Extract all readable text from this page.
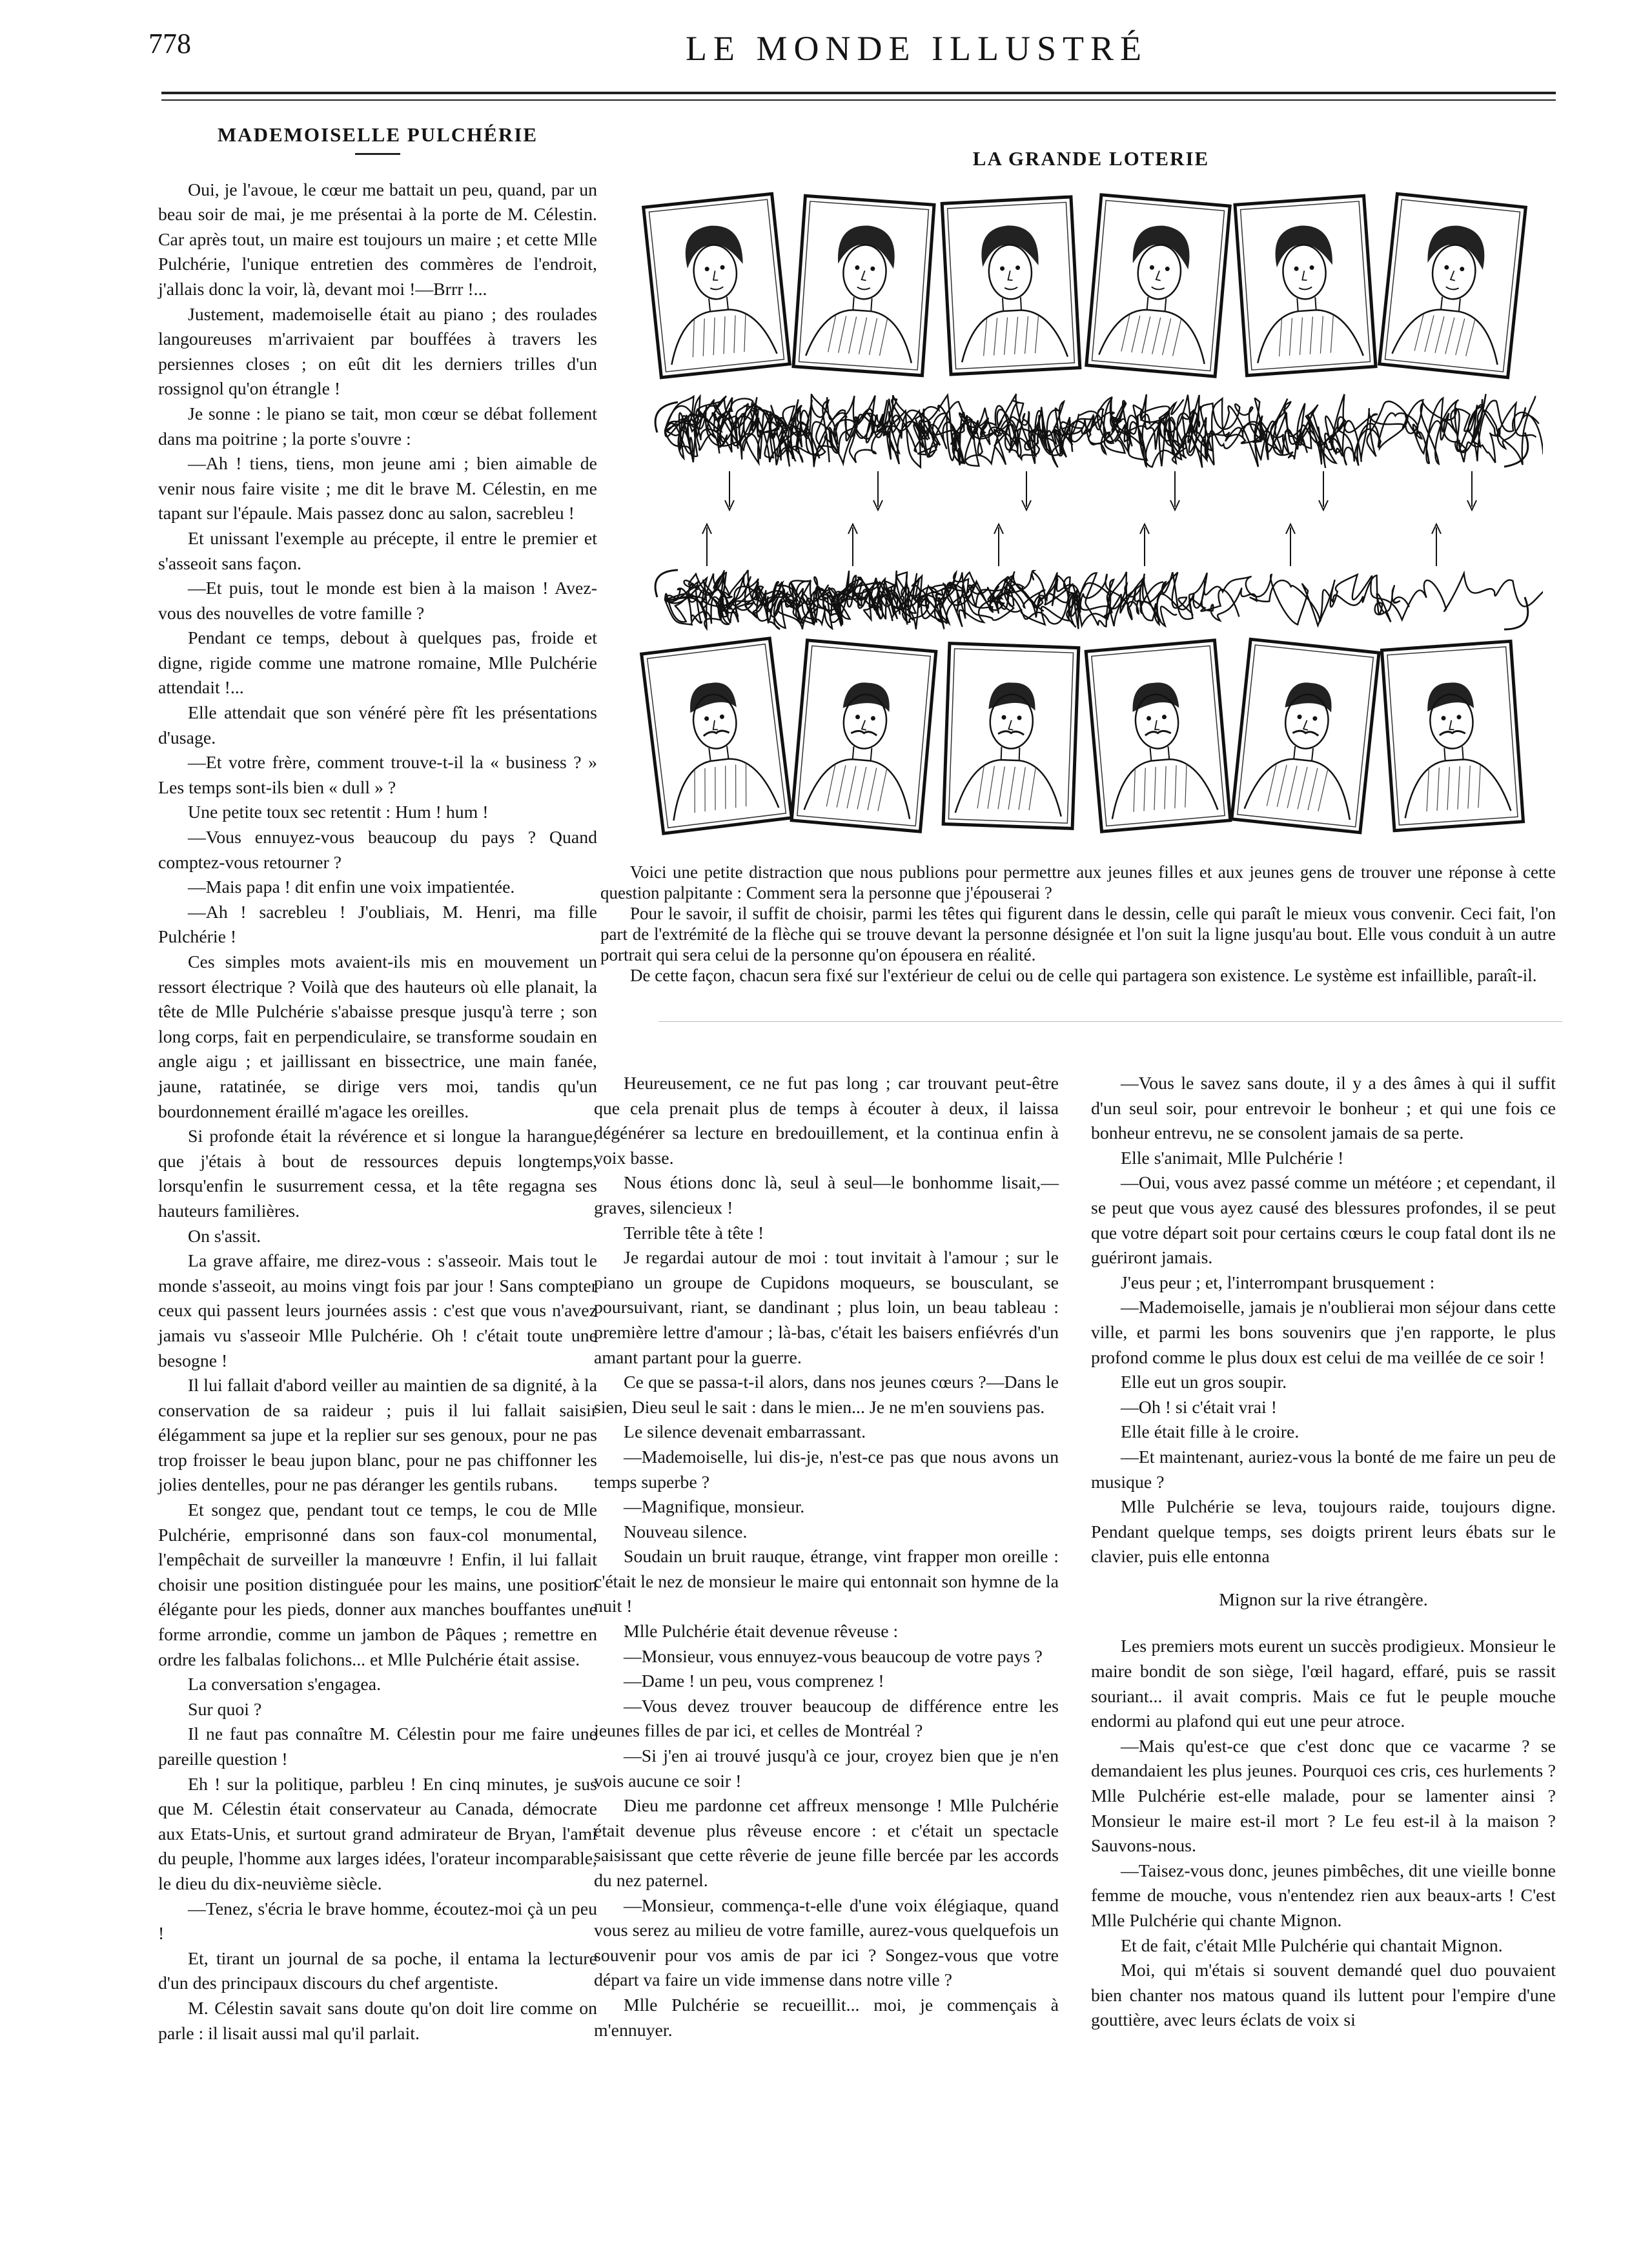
778	LE MONDE ILLUSTRÉ
MADEMOISELLE PULCHÉRIE

Oui, je l'avoue, le cœur me battait un peu, quand, par un beau soir de mai, je me présentai à la porte de M. Célestin. Car après tout, un maire est toujours un maire ; et cette Mlle Pulchérie, l'unique entretien des commères de l'endroit, j'allais donc la voir, là, devant moi !—Brrr !...

Justement, mademoiselle était au piano ; des roulades langoureuses m'arrivaient par bouffées à travers les persiennes closes ; on eût dit les derniers trilles d'un rossignol qu'on étrangle !

Je sonne : le piano se tait, mon cœur se débat follement dans ma poitrine ; la porte s'ouvre :

—Ah ! tiens, tiens, mon jeune ami ; bien aimable de venir nous faire visite ; me dit le brave M. Célestin, en me tapant sur l'épaule. Mais passez donc au salon, sacrebleu !

Et unissant l'exemple au précepte, il entre le premier et s'asseoit sans façon.

—Et puis, tout le monde est bien à la maison ! Avez-vous des nouvelles de votre famille ?

Pendant ce temps, debout à quelques pas, froide et digne, rigide comme une matrone romaine, Mlle Pulchérie attendait !...

Elle attendait que son vénéré père fît les présentations d'usage.

—Et votre frère, comment trouve-t-il la « business ? » Les temps sont-ils bien « dull » ?

Une petite toux sec retentit : Hum ! hum !

—Vous ennuyez-vous beaucoup du pays ? Quand comptez-vous retourner ?

—Mais papa ! dit enfin une voix impatientée.

—Ah ! sacrebleu ! J'oubliais, M. Henri, ma fille Pulchérie !

Ces simples mots avaient-ils mis en mouvement un ressort électrique ? Voilà que des hauteurs où elle planait, la tête de Mlle Pulchérie s'abaisse presque jusqu'à terre ; son long corps, fait en perpendiculaire, se transforme soudain en angle aigu ; et jaillissant en bissectrice, une main fanée, jaune, ratatinée, se dirige vers moi, tandis qu'un bourdonnement éraillé m'agace les oreilles.

Si profonde était la révérence et si longue la harangue, que j'étais à bout de ressources depuis longtemps, lorsqu'enfin le susurrement cessa, et la tête regagna ses hauteurs familières.

On s'assit.

La grave affaire, me direz-vous : s'asseoir. Mais tout le monde s'asseoit, au moins vingt fois par jour ! Sans compter ceux qui passent leurs journées assis : c'est que vous n'avez jamais vu s'asseoir Mlle Pulchérie. Oh ! c'était toute une besogne !

Il lui fallait d'abord veiller au maintien de sa dignité, à la conservation de sa raideur ; puis il lui fallait saisir élégamment sa jupe et la replier sur ses genoux, pour ne pas trop froisser le beau jupon blanc, pour ne pas chiffonner les jolies dentelles, pour ne pas déranger les gentils rubans.

Et songez que, pendant tout ce temps, le cou de Mlle Pulchérie, emprisonné dans son faux-col monumental, l'empêchait de surveiller la manœuvre ! Enfin, il lui fallait choisir une position distinguée pour les mains, une position élégante pour les pieds, donner aux manches bouffantes une forme arrondie, comme un jambon de Pâques ; remettre en ordre les falbalas folichons... et Mlle Pulchérie était assise.

La conversation s'engagea.

Sur quoi ?

Il ne faut pas connaître M. Célestin pour me faire une pareille question !

Eh ! sur la politique, parbleu ! En cinq minutes, je sus que M. Célestin était conservateur au Canada, démocrate aux Etats-Unis, et surtout grand admirateur de Bryan, l'ami du peuple, l'homme aux larges idées, l'orateur incomparable, le dieu du dix-neuvième siècle.

—Tenez, s'écria le brave homme, écoutez-moi çà un peu !

Et, tirant un journal de sa poche, il entama la lecture d'un des principaux discours du chef argentiste.

M. Célestin savait sans doute qu'on doit lire comme on parle : il lisait aussi mal qu'il parlait.

LA GRANDE LOTERIE

Voici une petite distraction que nous publions pour permettre aux jeunes filles et aux jeunes gens de trouver une réponse à cette question palpitante : Comment sera la personne que j'épouserai ?

Pour le savoir, il suffit de choisir, parmi les têtes qui figurent dans le dessin, celle qui paraît le mieux vous convenir. Ceci fait, l'on part de l'extrémité de la flèche qui se trouve devant la personne désignée et l'on suit la ligne jusqu'au bout. Elle vous conduit à un autre portrait qui sera celui de la personne qu'on épousera en réalité.

De cette façon, chacun sera fixé sur l'extérieur de celui ou de celle qui partagera son existence. Le système est infaillible, paraît-il.

Heureusement, ce ne fut pas long ; car trouvant peut-être que cela prenait plus de temps à écouter à deux, il laissa dégénérer sa lecture en bredouillement, et la continua enfin à voix basse.

Nous étions donc là, seul à seul—le bonhomme lisait,—graves, silencieux !

Terrible tête à tête !

Je regardai autour de moi : tout invitait à l'amour ; sur le piano un groupe de Cupidons moqueurs, se bousculant, se poursuivant, riant, se dandinant ; plus loin, un beau tableau : première lettre d'amour ; là-bas, c'était les baisers enfiévrés d'un amant partant pour la guerre.

Ce que se passa-t-il alors, dans nos jeunes cœurs ?—Dans le sien, Dieu seul le sait : dans le mien... Je ne m'en souviens pas.

Le silence devenait embarrassant.

—Mademoiselle, lui dis-je, n'est-ce pas que nous avons un temps superbe ?

—Magnifique, monsieur.

Nouveau silence.

Soudain un bruit rauque, étrange, vint frapper mon oreille : c'était le nez de monsieur le maire qui entonnait son hymne de la nuit !

Mlle Pulchérie était devenue rêveuse :

—Monsieur, vous ennuyez-vous beaucoup de votre pays ?

—Dame ! un peu, vous comprenez !

—Vous devez trouver beaucoup de différence entre les jeunes filles de par ici, et celles de Montréal ?

—Si j'en ai trouvé jusqu'à ce jour, croyez bien que je n'en vois aucune ce soir !

Dieu me pardonne cet affreux mensonge ! Mlle Pulchérie était devenue plus rêveuse encore : et c'était un spectacle saisissant que cette rêverie de jeune fille bercée par les accords du nez paternel.

—Monsieur, commença-t-elle d'une voix élégiaque, quand vous serez au milieu de votre famille, aurez-vous quelquefois un souvenir pour vos amis de par ici ? Songez-vous que votre départ va faire un vide immense dans notre ville ?

Mlle Pulchérie se recueillit... moi, je commençais à m'ennuyer.

—Vous le savez sans doute, il y a des âmes à qui il suffit d'un seul soir, pour entrevoir le bonheur ; et qui une fois ce bonheur entrevu, ne se consolent jamais de sa perte.

Elle s'animait, Mlle Pulchérie !

—Oui, vous avez passé comme un météore ; et cependant, il se peut que vous ayez causé des blessures profondes, il se peut que votre départ soit pour certains cœurs le coup fatal dont ils ne guériront jamais.

J'eus peur ; et, l'interrompant brusquement :

—Mademoiselle, jamais je n'oublierai mon séjour dans cette ville, et parmi les bons souvenirs que j'en rapporte, le plus profond comme le plus doux est celui de ma veillée de ce soir !

Elle eut un gros soupir.

—Oh ! si c'était vrai !

Elle était fille à le croire.

—Et maintenant, auriez-vous la bonté de me faire un peu de musique ?

Mlle Pulchérie se leva, toujours raide, toujours digne. Pendant quelque temps, ses doigts prirent leurs ébats sur le clavier, puis elle entonna

Mignon sur la rive étrangère.

Les premiers mots eurent un succès prodigieux. Monsieur le maire bondit de son siège, l'œil hagard, effaré, puis se rassit souriant... il avait compris. Mais ce fut le peuple mouche endormi au plafond qui eut une peur atroce.

—Mais qu'est-ce que c'est donc que ce vacarme ? se demandaient les plus jeunes. Pourquoi ces cris, ces hurlements ? Mlle Pulchérie est-elle malade, pour se lamenter ainsi ? Monsieur le maire est-il mort ? Le feu est-il à la maison ? Sauvons-nous.

—Taisez-vous donc, jeunes pimbêches, dit une vieille bonne femme de mouche, vous n'entendez rien aux beaux-arts ! C'est Mlle Pulchérie qui chante Mignon.

Et de fait, c'était Mlle Pulchérie qui chantait Mignon.

Moi, qui m'étais si souvent demandé quel duo pouvaient bien chanter nos matous quand ils luttent pour l'empire d'une gouttière, avec leurs éclats de voix si
